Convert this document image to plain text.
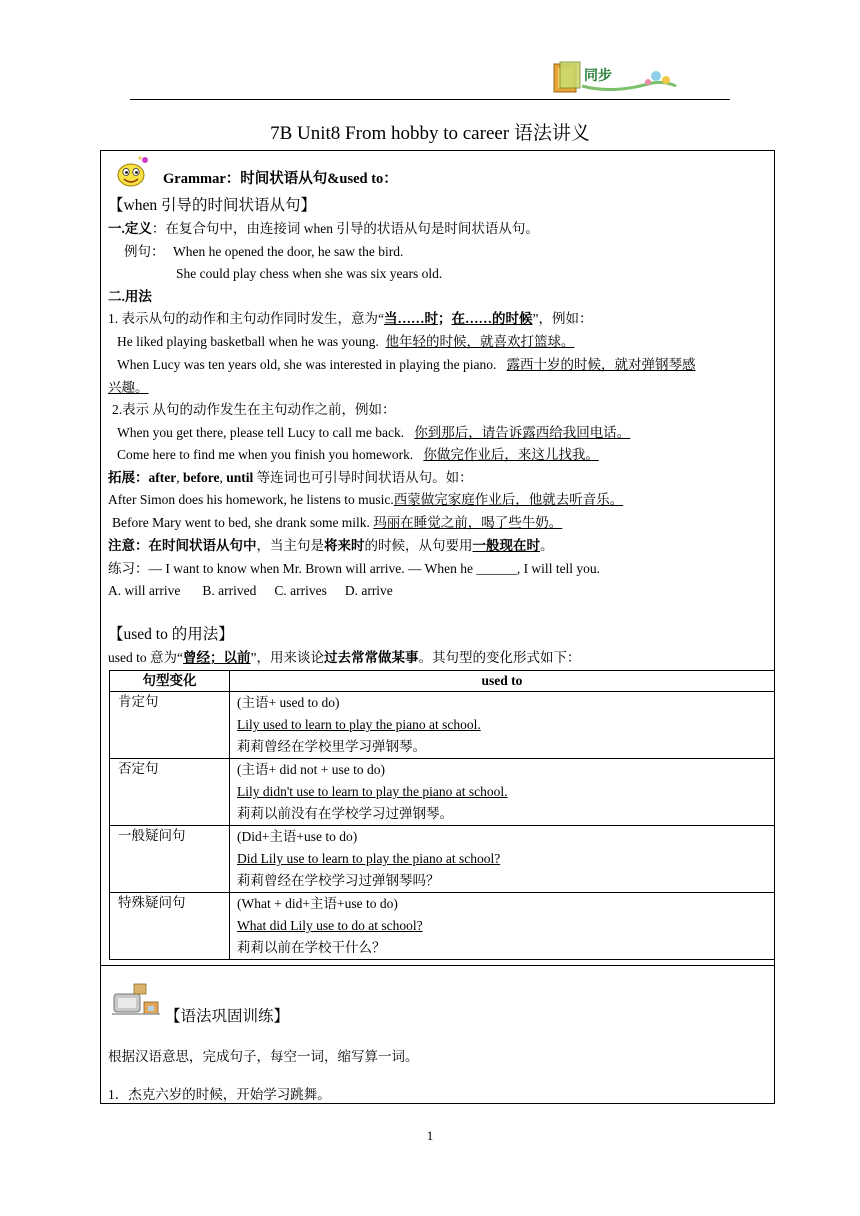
同步
7B Unit8 From hobby to career 语法讲义
Grammar：时间状语从句&used to：
【when 引导的时间状语从句】
一.定义：在复合句中，由连接词 when 引导的状语从句是时间状语从句。
例句： When he opened the door, he saw the bird.
She could play chess when she was six years old.
二.用法
1. 表示从句的动作和主句动作同时发生，意为“当……时；在……的时候”，例如：
He liked playing basketball when he was young. 他年轻的时候，就喜欢打篮球。
When Lucy was ten years old, she was interested in playing the piano. 露西十岁的时候，就对弹钢琴感
兴趣。
2.表示 从句的动作发生在主句动作之前，例如：
When you get there, please tell Lucy to call me back. 你到那后，请告诉露西给我回电话。
Come here to find me when you finish you homework. 你做完作业后，来这儿找我。
拓展：after, before, until 等连词也可引导时间状语从句。如：
After Simon does his homework, he listens to music.西蒙做完家庭作业后，他就去听音乐。
Before Mary went to bed, she drank some milk. 玛丽在睡觉之前，喝了些牛奶。
注意：在时间状语从句中，当主句是将来时的时候，从句要用一般现在时。
练习：— I want to know when Mr. Brown will arrive. — When he ______, I will tell you.
A. will arrive B. arrived C. arrives D. arrive
【used to 的用法】
used to 意为“曾经；以前”，用来谈论过去常常做某事。其句型的变化形式如下：
句型变化	used to
肯定句	(主语+ used to do)
Lily used to learn to play the piano at school.
莉莉曾经在学校里学习弹钢琴。

否定句	(主语+ did not + use to do)
Lily didn't use to learn to play the piano at school.
莉莉以前没有在学校学习过弹钢琴。

一般疑问句	(Did+主语+use to do)
Did Lily use to learn to play the piano at school?
莉莉曾经在学校学习过弹钢琴吗？

特殊疑问句	(What + did+主语+use to do)
What did Lily use to do at school?
莉莉以前在学校干什么？
【语法巩固训练】
根据汉语意思，完成句子，每空一词，缩写算一词。
1．杰克六岁的时候，开始学习跳舞。
1
